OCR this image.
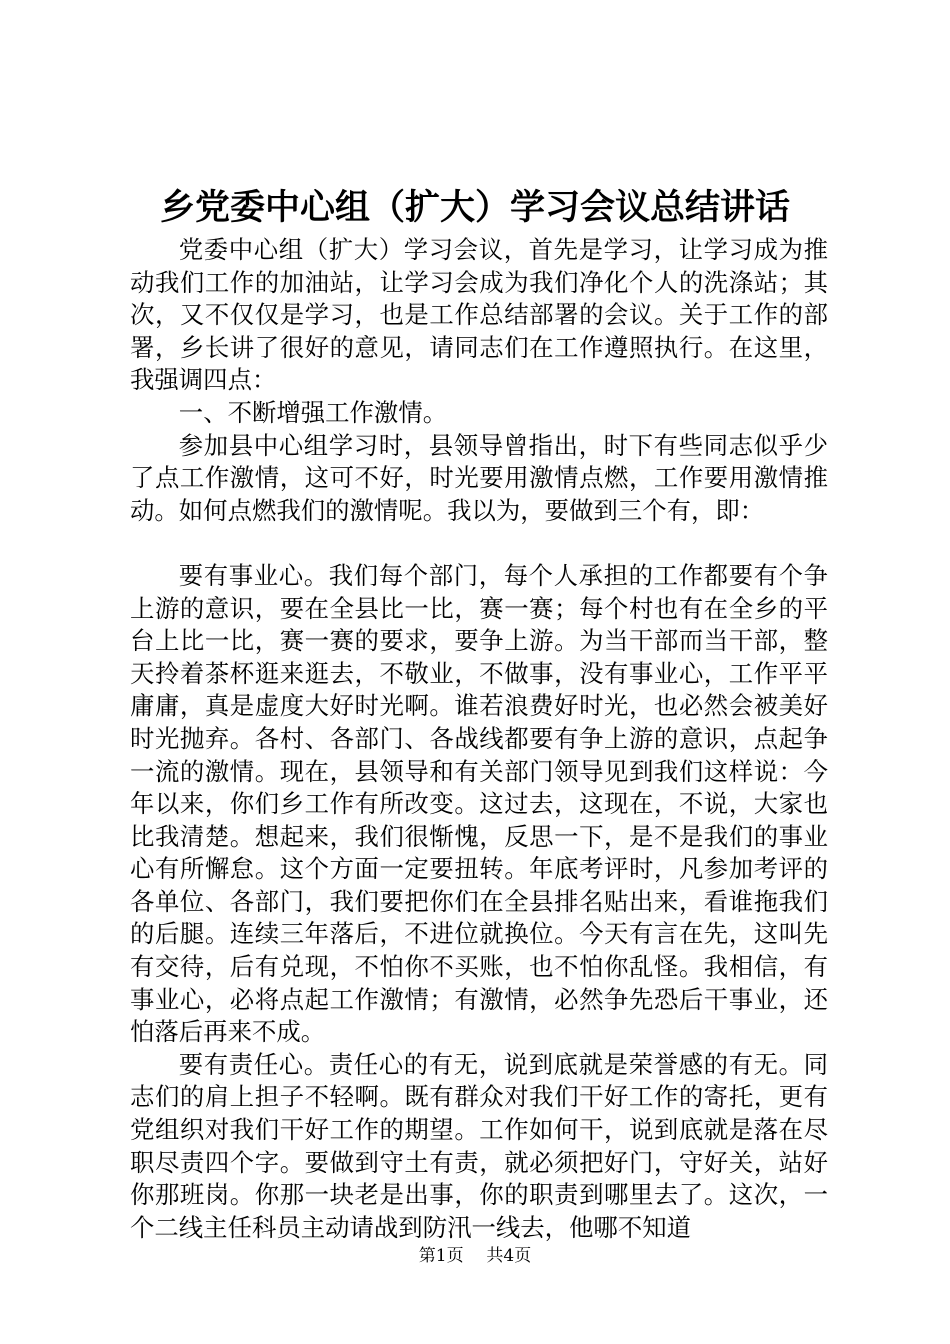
乡党委中心组（扩大）学习会议总结讲话

党委中心组（扩大）学习会议，首先是学习，让学习成为推动我们工作的加油站，让学习会成为我们净化个人的洗涤站；其次，又不仅仅是学习，也是工作总结部署的会议。关于工作的部署，乡长讲了很好的意见，请同志们在工作遵照执行。在这里，我强调四点：

一、不断增强工作激情。

参加县中心组学习时，县领导曾指出，时下有些同志似乎少了点工作激情，这可不好，时光要用激情点燃，工作要用激情推动。如何点燃我们的激情呢。我以为，要做到三个有，即：

要有事业心。我们每个部门，每个人承担的工作都要有个争上游的意识，要在全县比一比，赛一赛；每个村也有在全乡的平台上比一比，赛一赛的要求，要争上游。为当干部而当干部，整天拎着茶杯逛来逛去，不敬业，不做事，没有事业心，工作平平庸庸，真是虚度大好时光啊。谁若浪费好时光，也必然会被美好时光抛弃。各村、各部门、各战线都要有争上游的意识，点起争一流的激情。现在，县领导和有关部门领导见到我们这样说：今年以来，你们乡工作有所改变。这过去，这现在，不说，大家也比我清楚。想起来，我们很惭愧，反思一下，是不是我们的事业心有所懈怠。这个方面一定要扭转。年底考评时，凡参加考评的各单位、各部门，我们要把你们在全县排名贴出来，看谁拖我们的后腿。连续三年落后，不进位就换位。今天有言在先，这叫先有交待，后有兑现，不怕你不买账，也不怕你乱怪。我相信，有事业心，必将点起工作激情；有激情，必然争先恐后干事业，还怕落后再来不成。

要有责任心。责任心的有无，说到底就是荣誉感的有无。同志们的肩上担子不轻啊。既有群众对我们干好工作的寄托，更有党组织对我们干好工作的期望。工作如何干，说到底就是落在尽职尽责四个字。要做到守土有责，就必须把好门，守好关，站好你那班岗。你那一块老是出事，你的职责到哪里去了。这次，一个二线主任科员主动请战到防汛一线去，他哪不知道

第1页 共4页
